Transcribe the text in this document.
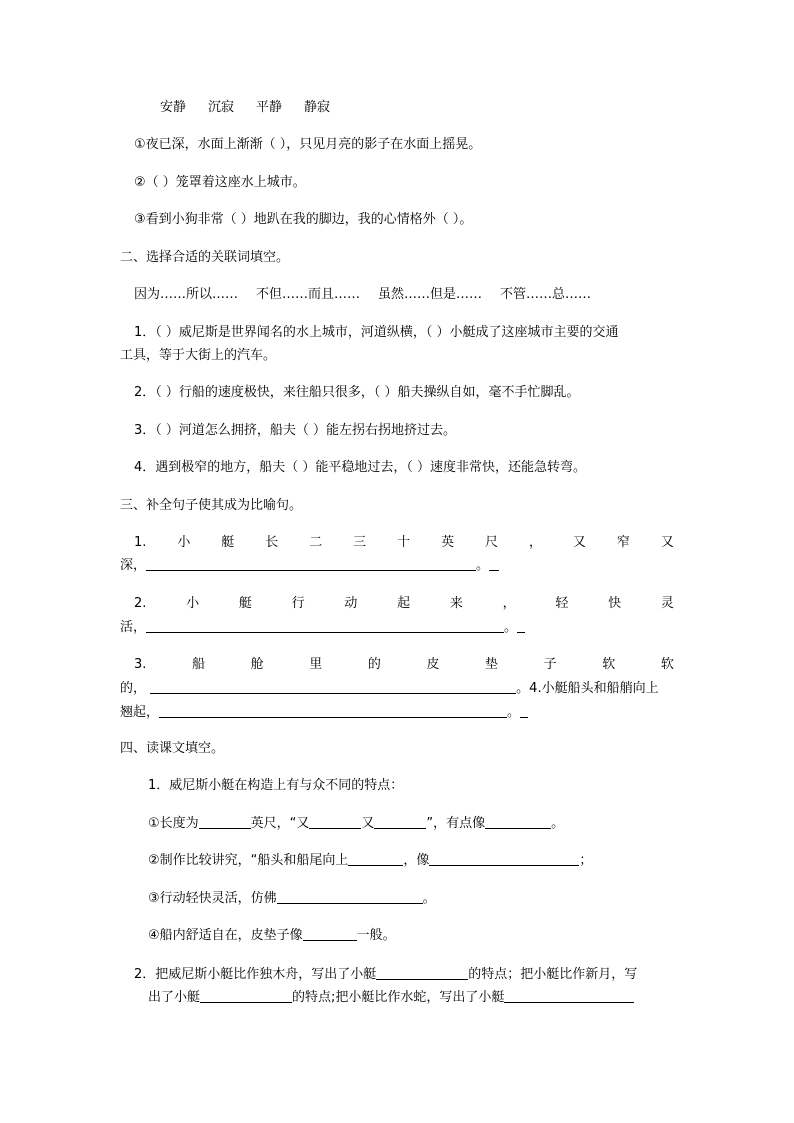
安静 沉寂 平静 静寂
①夜已深，水面上渐渐（ ），只见月亮的影子在水面上摇晃。
②（ ）笼罩着这座水上城市。
③看到小狗非常（ ）地趴在我的脚边，我的心情格外（ ）。
二、选择合适的关联词填空。
因为……所以…… 不但……而且…… 虽然……但是…… 不管……总……
1．（ ）威尼斯是世界闻名的水上城市，河道纵横，（ ）小艇成了这座城市主要的交通
工具，等于大街上的汽车。
2．（ ）行船的速度极快，来往船只很多，（ ）船夫操纵自如，毫不手忙脚乱。
3．（ ）河道怎么拥挤，船夫（ ）能左拐右拐地挤过去。
4．遇到极窄的地方，船夫（ ）能平稳地过去，（ ）速度非常快，还能急转弯。
三、补全句子使其成为比喻句。
1. 小 艇 长 二 三 十 英 尺 ， 又 窄 又
深，	。
2.	小	艇	行	动	起	来	，	轻	快	灵
活，	。
3.	船	舱	里	的	皮	垫	子	软	软
的，	。4.小艇船头和船艄向上
翘起，	。
四、读课文填空。
1．威尼斯小艇在构造上有与众不同的特点：
①长度为	英尺，“又	又	”，有点像	。
②制作比较讲究，“船头和船尾向上	，像	；
③行动轻快灵活，仿佛	。
④船内舒适自在，皮垫子像	一般。
2．把威尼斯小艇比作独木舟，写出了小艇	的特点；把小艇比作新月，写
出了小艇	的特点;把小艇比作水蛇，写出了小艇
